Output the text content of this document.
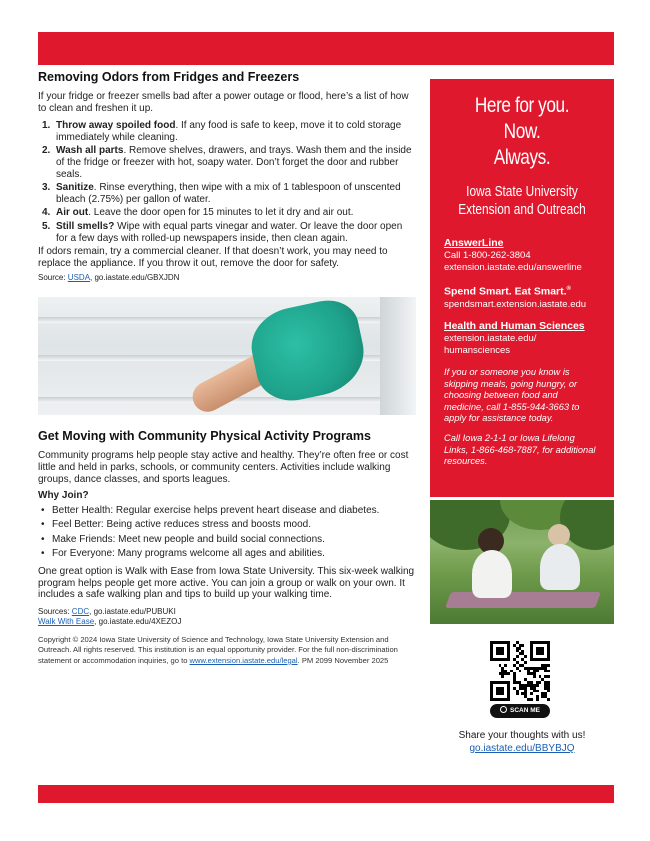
Removing Odors from Fridges and Freezers

If your fridge or freezer smells bad after a power outage or flood, here’s a list of how to clean and freshen it up.

1. Throw away spoiled food. If any food is safe to keep, move it to cold storage immediately while cleaning.
2. Wash all parts. Remove shelves, drawers, and trays. Wash them and the inside of the fridge or freezer with hot, soapy water. Don’t forget the door and rubber seals.
3. Sanitize. Rinse everything, then wipe with a mix of 1 tablespoon of unscented bleach (2.75%) per gallon of water.
4. Air out. Leave the door open for 15 minutes to let it dry and air out.
5. Still smells? Wipe with equal parts vinegar and water. Or leave the door open for a few days with rolled-up newspapers inside, then clean again.

If odors remain, try a commercial cleaner. If that doesn’t work, you may need to replace the appliance. If you throw it out, remove the door for safety.

Source: USDA, go.iastate.edu/GBXJDN
Get Moving with Community Physical Activity Programs

Community programs help people stay active and healthy. They’re often free or cost little and held in parks, schools, or community centers. Activities include walking groups, dance classes, and sports leagues.

Why Join?

• Better Health: Regular exercise helps prevent heart disease and diabetes.
• Feel Better: Being active reduces stress and boosts mood.
• Make Friends: Meet new people and build social connections.
• For Everyone: Many programs welcome all ages and abilities.

One great option is Walk with Ease from Iowa State University. This six-week walking program helps people get more active. You can join a group or walk on your own. It includes a safe walking plan and tips to build up your walking time.

Sources: CDC, go.iastate.edu/PUBUKI
Walk With Ease, go.iastate.edu/4XEZOJ
Copyright © 2024 Iowa State University of Science and Technology, Iowa State University Extension and Outreach. All rights reserved. This institution is an equal opportunity provider. For the full non-discrimination statement or accommodation inquiries, go to www.extension.iastate.edu/legal. PM 2099 November 2025
Here for you.
Now.
Always.
Iowa State University
Extension and Outreach
AnswerLine
Call 1-800-262-3804
extension.iastate.edu/answerline
Spend Smart. Eat Smart.®
spendsmart.extension.iastate.edu
Health and Human Sciences
extension.iastate.edu/
humansciences

If you or someone you know is skipping meals, going hungry, or choosing between food and medicine, call 1-855-944-3663 to apply for assistance today.

Call Iowa 2-1-1 or Iowa Lifelong Links, 1-866-468-7887, for additional resources.

SCAN ME
Share your thoughts with us!
go.iastate.edu/BBYBJQ
